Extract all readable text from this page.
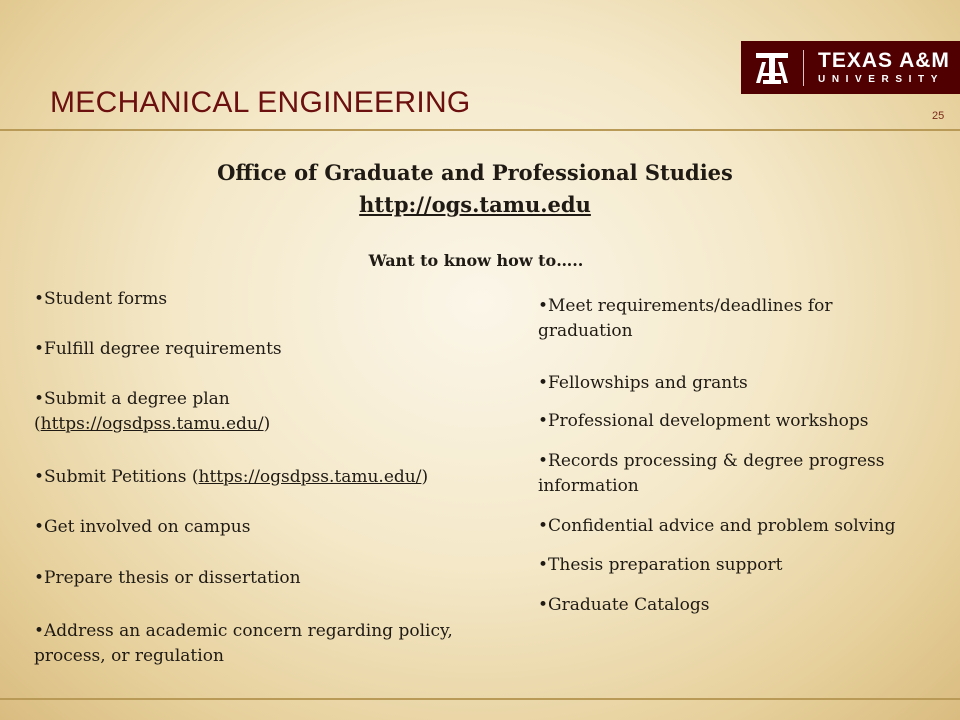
TEXAS A&M
UNIVERSITY
MECHANICAL ENGINEERING	25
Office of Graduate and Professional Studies
http://ogs.tamu.edu
Want to know how to…..
•Student forms
•Fulfill degree requirements
•Submit a degree plan
(https://ogsdpss.tamu.edu/)
•Submit Petitions (https://ogsdpss.tamu.edu/)
•Get involved on campus
•Prepare thesis or dissertation
•Address an academic concern regarding policy,
process, or regulation
•Meet requirements/deadlines for
graduation
•Fellowships and grants
•Professional development workshops
•Records processing & degree progress
information
•Confidential advice and problem solving
•Thesis preparation support
•Graduate Catalogs
